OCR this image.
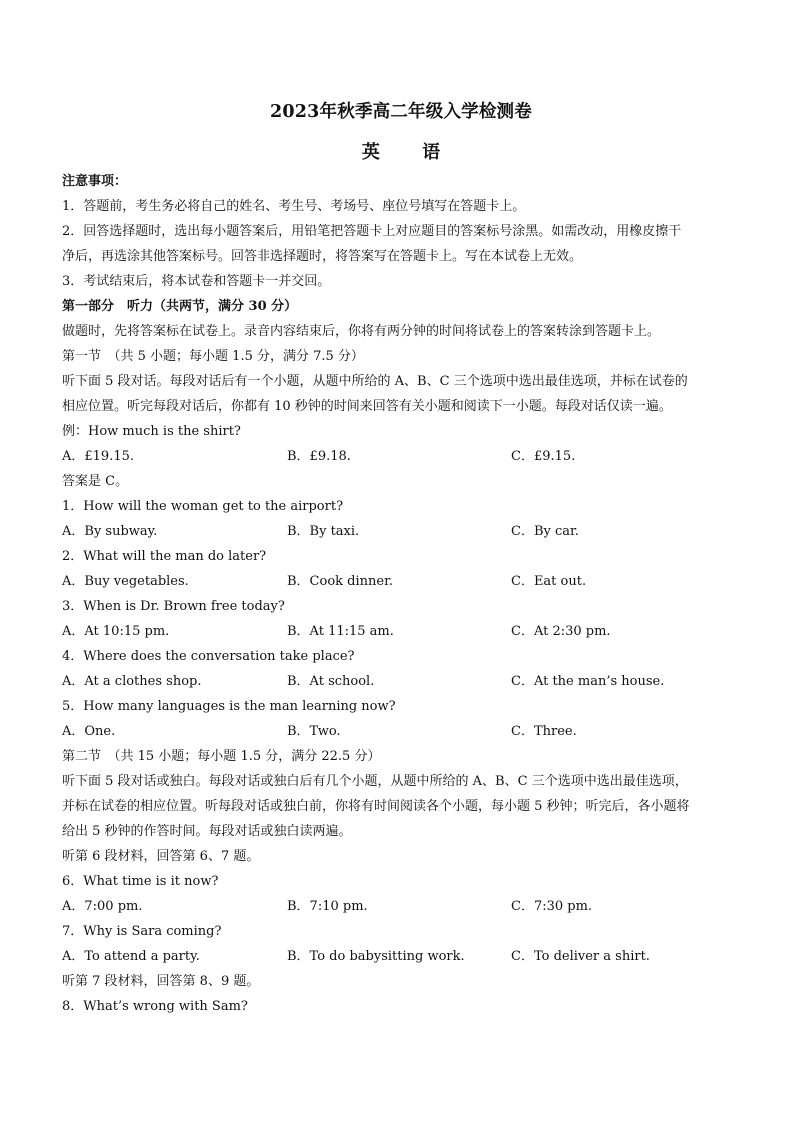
2023年秋季高二年级入学检测卷
英 语
注意事项：
1．答题前，考生务必将自己的姓名、考生号、考场号、座位号填写在答题卡上。
2．回答选择题时，选出每小题答案后，用铅笔把答题卡上对应题目的答案标号涂黑。如需改动，用橡皮擦干
净后，再选涂其他答案标号。回答非选择题时，将答案写在答题卡上。写在本试卷上无效。
3．考试结束后，将本试卷和答题卡一并交回。
第一部分　听力（共两节，满分 30 分）
做题时，先将答案标在试卷上。录音内容结束后，你将有两分钟的时间将试卷上的答案转涂到答题卡上。
第一节　（共 5 小题；每小题 1.5 分，满分 7.5 分）
听下面 5 段对话。每段对话后有一个小题，从题中所给的 A、B、C 三个选项中选出最佳选项，并标在试卷的
相应位置。听完每段对话后，你都有 10 秒钟的时间来回答有关小题和阅读下一小题。每段对话仅读一遍。
例：How much is the shirt?
A．£19.15.	B．£9.18.	C．£9.15.
答案是 C。
1．How will the woman get to the airport?
A．By subway.	B．By taxi.	C．By car.
2．What will the man do later?
A．Buy vegetables.	B．Cook dinner.	C．Eat out.
3．When is Dr. Brown free today?
A．At 10:15 pm.	B．At 11:15 am.	C．At 2:30 pm.
4．Where does the conversation take place?
A．At a clothes shop.	B．At school.	C．At the man’s house.
5．How many languages is the man learning now?
A．One.	B．Two.	C．Three.
第二节　（共 15 小题；每小题 1.5 分，满分 22.5 分）
听下面 5 段对话或独白。每段对话或独白后有几个小题，从题中所给的 A、B、C 三个选项中选出最佳选项，
并标在试卷的相应位置。听每段对话或独白前，你将有时间阅读各个小题，每小题 5 秒钟；听完后，各小题将
给出 5 秒钟的作答时间。每段对话或独白读两遍。
听第 6 段材料，回答第 6、7 题。
6．What time is it now?
A．7:00 pm.	B．7:10 pm.	C．7:30 pm.
7．Why is Sara coming?
A．To attend a party.	B．To do babysitting work.	C．To deliver a shirt.
听第 7 段材料，回答第 8、9 题。
8．What’s wrong with Sam?
